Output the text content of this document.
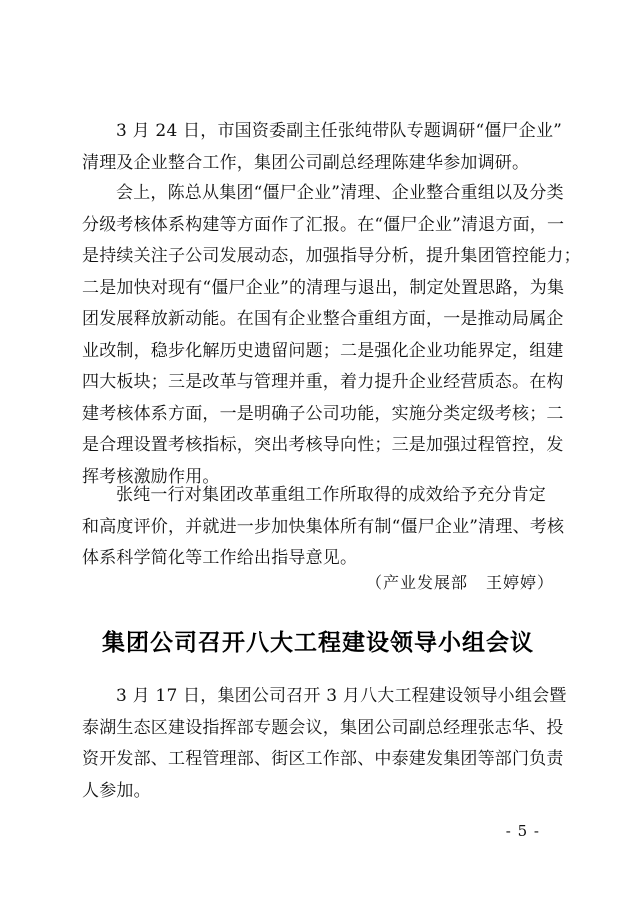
3 月 24 日，市国资委副主任张纯带队专题调研“僵尸企业”
清理及企业整合工作，集团公司副总经理陈建华参加调研。
会上，陈总从集团“僵尸企业”清理、企业整合重组以及分类
分级考核体系构建等方面作了汇报。在“僵尸企业”清退方面，一
是持续关注子公司发展动态，加强指导分析，提升集团管控能力；
二是加快对现有“僵尸企业”的清理与退出，制定处置思路，为集
团发展释放新动能。在国有企业整合重组方面，一是推动局属企
业改制，稳步化解历史遗留问题；二是强化企业功能界定，组建
四大板块；三是改革与管理并重，着力提升企业经营质态。在构
建考核体系方面，一是明确子公司功能，实施分类定级考核；二
是合理设置考核指标，突出考核导向性；三是加强过程管控，发
挥考核激励作用。
张纯一行对集团改革重组工作所取得的成效给予充分肯定
和高度评价，并就进一步加快集体所有制“僵尸企业”清理、考核
体系科学简化等工作给出指导意见。
（产业发展部 王婷婷）
集团公司召开八大工程建设领导小组会议
3 月 17 日，集团公司召开 3 月八大工程建设领导小组会暨
泰湖生态区建设指挥部专题会议，集团公司副总经理张志华、投
资开发部、工程管理部、街区工作部、中泰建发集团等部门负责
人参加。
- 5 -
